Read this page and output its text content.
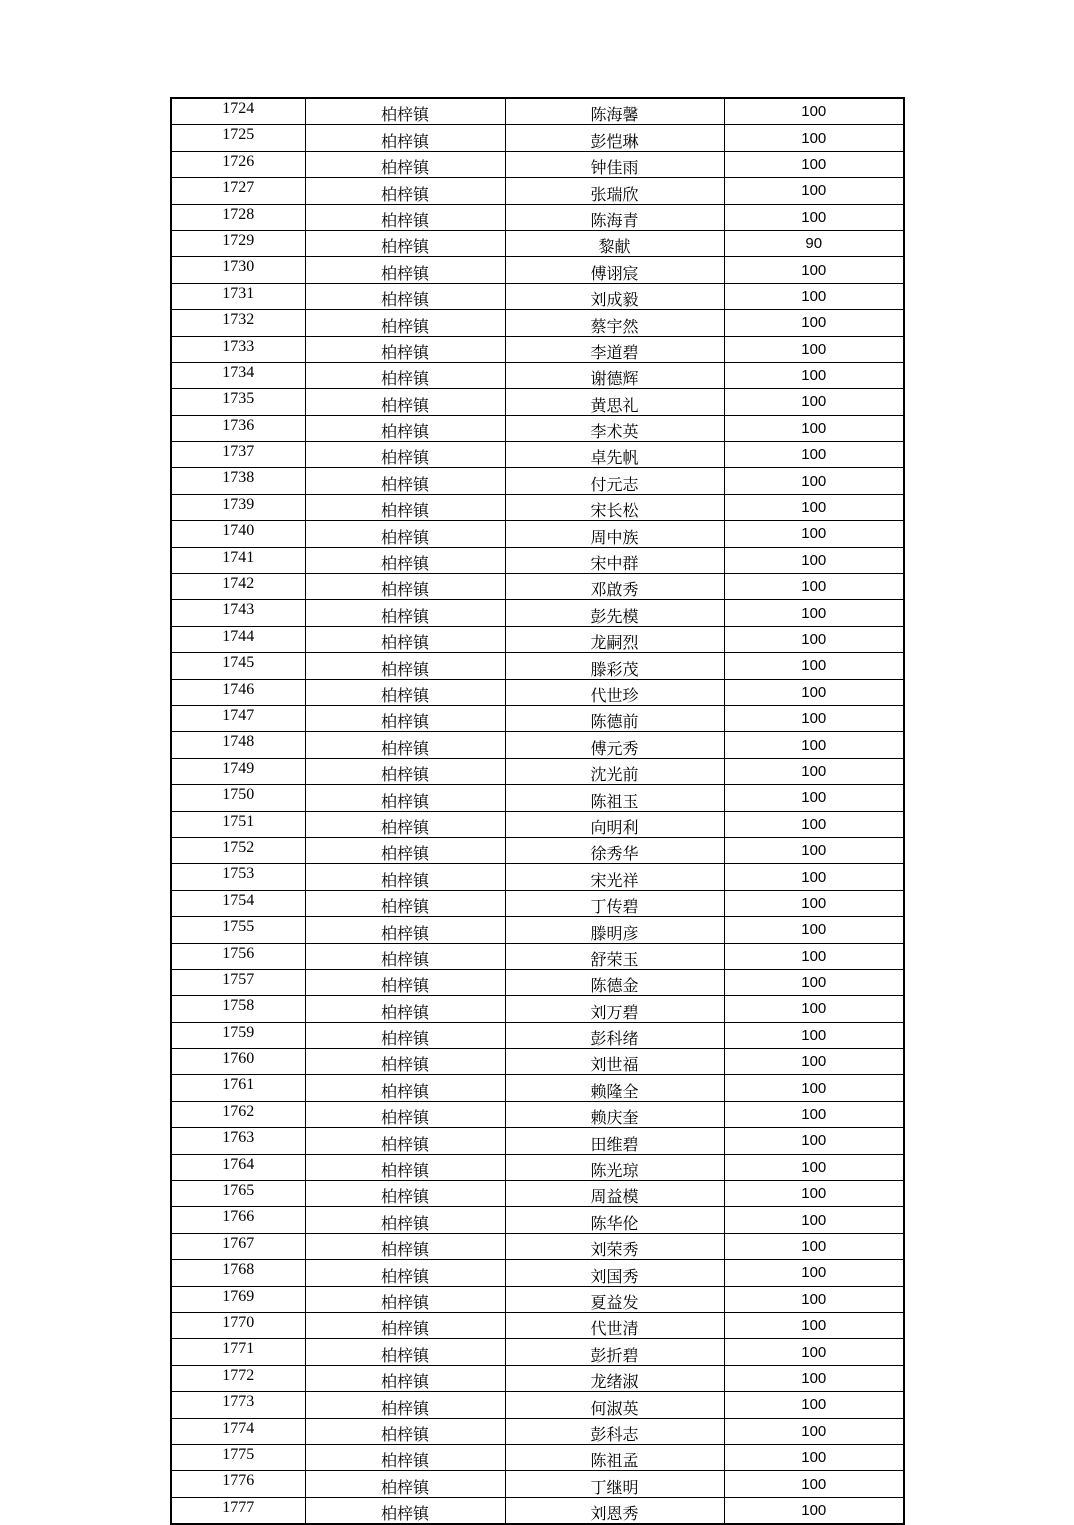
1724	柏梓镇	陈海馨	100
1725	柏梓镇	彭恺琳	100
1726	柏梓镇	钟佳雨	100
1727	柏梓镇	张瑞欣	100
1728	柏梓镇	陈海青	100
1729	柏梓镇	黎献	90
1730	柏梓镇	傅诩宸	100
1731	柏梓镇	刘成毅	100
1732	柏梓镇	蔡宇然	100
1733	柏梓镇	李道碧	100
1734	柏梓镇	谢德辉	100
1735	柏梓镇	黄思礼	100
1736	柏梓镇	李术英	100
1737	柏梓镇	卓先帆	100
1738	柏梓镇	付元志	100
1739	柏梓镇	宋长松	100
1740	柏梓镇	周中族	100
1741	柏梓镇	宋中群	100
1742	柏梓镇	邓啟秀	100
1743	柏梓镇	彭先模	100
1744	柏梓镇	龙嗣烈	100
1745	柏梓镇	滕彩茂	100
1746	柏梓镇	代世珍	100
1747	柏梓镇	陈德前	100
1748	柏梓镇	傅元秀	100
1749	柏梓镇	沈光前	100
1750	柏梓镇	陈祖玉	100
1751	柏梓镇	向明利	100
1752	柏梓镇	徐秀华	100
1753	柏梓镇	宋光祥	100
1754	柏梓镇	丁传碧	100
1755	柏梓镇	滕明彦	100
1756	柏梓镇	舒荣玉	100
1757	柏梓镇	陈德金	100
1758	柏梓镇	刘万碧	100
1759	柏梓镇	彭科绪	100
1760	柏梓镇	刘世福	100
1761	柏梓镇	赖隆全	100
1762	柏梓镇	赖庆奎	100
1763	柏梓镇	田维碧	100
1764	柏梓镇	陈光琼	100
1765	柏梓镇	周益模	100
1766	柏梓镇	陈华伦	100
1767	柏梓镇	刘荣秀	100
1768	柏梓镇	刘国秀	100
1769	柏梓镇	夏益发	100
1770	柏梓镇	代世清	100
1771	柏梓镇	彭折碧	100
1772	柏梓镇	龙绪淑	100
1773	柏梓镇	何淑英	100
1774	柏梓镇	彭科志	100
1775	柏梓镇	陈祖孟	100
1776	柏梓镇	丁继明	100
1777	柏梓镇	刘恩秀	100
